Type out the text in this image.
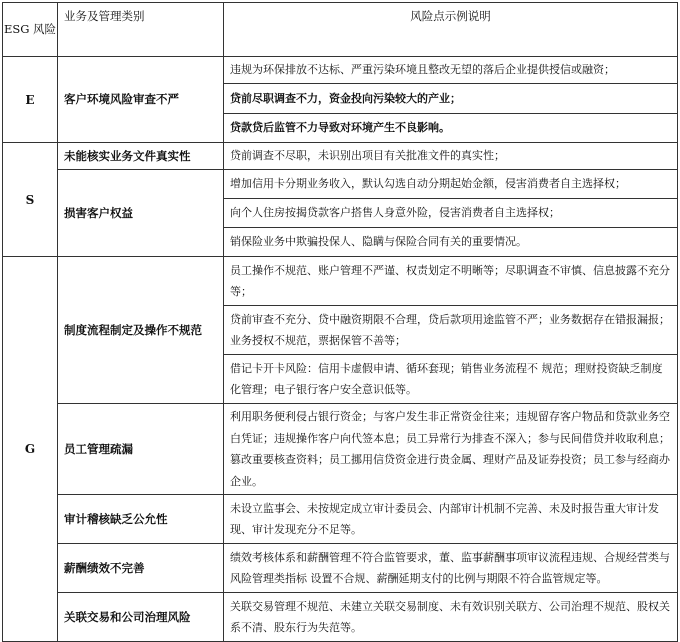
ESG 风险	业务及管理类别	风险点示例说明
E	客户环境风险审查不严	违规为环保排放不达标、严重污染环境且整改无望的落后企业提供授信或融资；
		贷前尽职调查不力，资金投向污染较大的产业；
		贷款贷后监管不力导致对环境产生不良影响。
S	未能核实业务文件真实性	贷前调查不尽职，未识别出项目有关批准文件的真实性；
	损害客户权益	增加信用卡分期业务收入，默认勾选自动分期起始金额，侵害消费者自主选择权；
		向个人住房按揭贷款客户搭售人身意外险，侵害消费者自主选择权；
		销保险业务中欺骗投保人、隐瞒与保险合同有关的重要情况。
G	制度流程制定及操作不规范	员工操作不规范、账户管理不严谨、权责划定不明晰等；尽职调查不审慎、信息披露不充分等；
		贷前审查不充分、贷中融资期限不合理，贷后款项用途监管不严；业务数据存在错报漏报；业务授权不规范，票据保管不善等；
		借记卡开卡风险：信用卡虚假申请、循环套现；销售业务流程不 规范；理财投资缺乏制度化管理；电子银行客户安全意识低等。
	员工管理疏漏	利用职务便利侵占银行资金；与客户发生非正常资金往来；违规留存客户物品和贷款业务空白凭证；违规操作客户向代签本息；员工异常行为排查不深入；参与民间借贷并收取利息；篡改重要核查资料；员工挪用信贷资金进行贵金属、理财产品及证券投资；员工参与经商办企业。
	审计稽核缺乏公允性	未设立监事会、未按规定成立审计委员会、内部审计机制不完善、未及时报告重大审计发现、审计发现充分不足等。
	薪酬绩效不完善	绩效考核体系和薪酬管理不符合监管要求，董、监事薪酬事项审议流程违规、合规经营类与风险管理类指标 设置不合规、薪酬延期支付的比例与期限不符合监管规定等。
	关联交易和公司治理风险	关联交易管理不规范、未建立关联交易制度、未有效识别关联方、公司治理不规范、股权关系不清、股东行为失范等。
